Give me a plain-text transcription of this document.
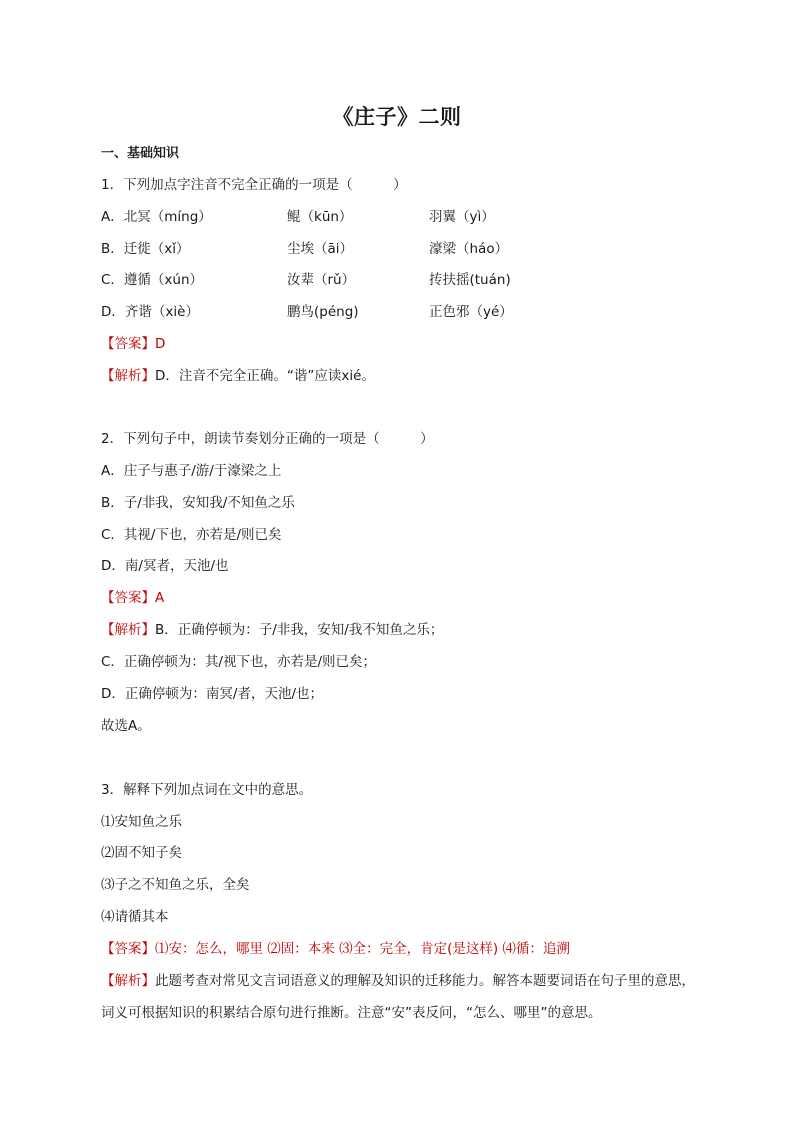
《庄子》二则
一、基础知识
1．下列加点字注音不完全正确的一项是（　　　）
A．北冥（míng）	鲲（kūn）	羽翼（yì）
B．迁徙（xǐ）	尘埃（āi）	濠梁（háo）
C．遵循（xún）	汝辈（rǔ）	抟扶摇(tuán)
D．齐谐（xiè）	鹏鸟(péng)	正色邪（yé）
【答案】D
【解析】D．注音不完全正确。“谐”应读xié。
2．下列句子中，朗读节奏划分正确的一项是（　　　）
A．庄子与惠子/游/于濠梁之上
B．子/非我，安知我/不知鱼之乐
C．其视/下也，亦若是/则已矣
D．南/冥者，天池/也
【答案】A
【解析】B．正确停顿为：子/非我，安知/我不知鱼之乐；
C．正确停顿为：其/视下也，亦若是/则已矣；
D．正确停顿为：南冥/者，天池/也；
故选A。
3．解释下列加点词在文中的意思。
⑴安知鱼之乐
⑵固不知子矣
⑶子之不知鱼之乐，全矣
⑷请循其本
【答案】⑴安：怎么，哪里 ⑵固：本来 ⑶全：完全，肯定(是这样) ⑷循：追溯
【解析】此题考查对常见文言词语意义的理解及知识的迁移能力。解答本题要词语在句子里的意思，
词义可根据知识的积累结合原句进行推断。注意“安”表反问，“怎么、哪里”的意思。
